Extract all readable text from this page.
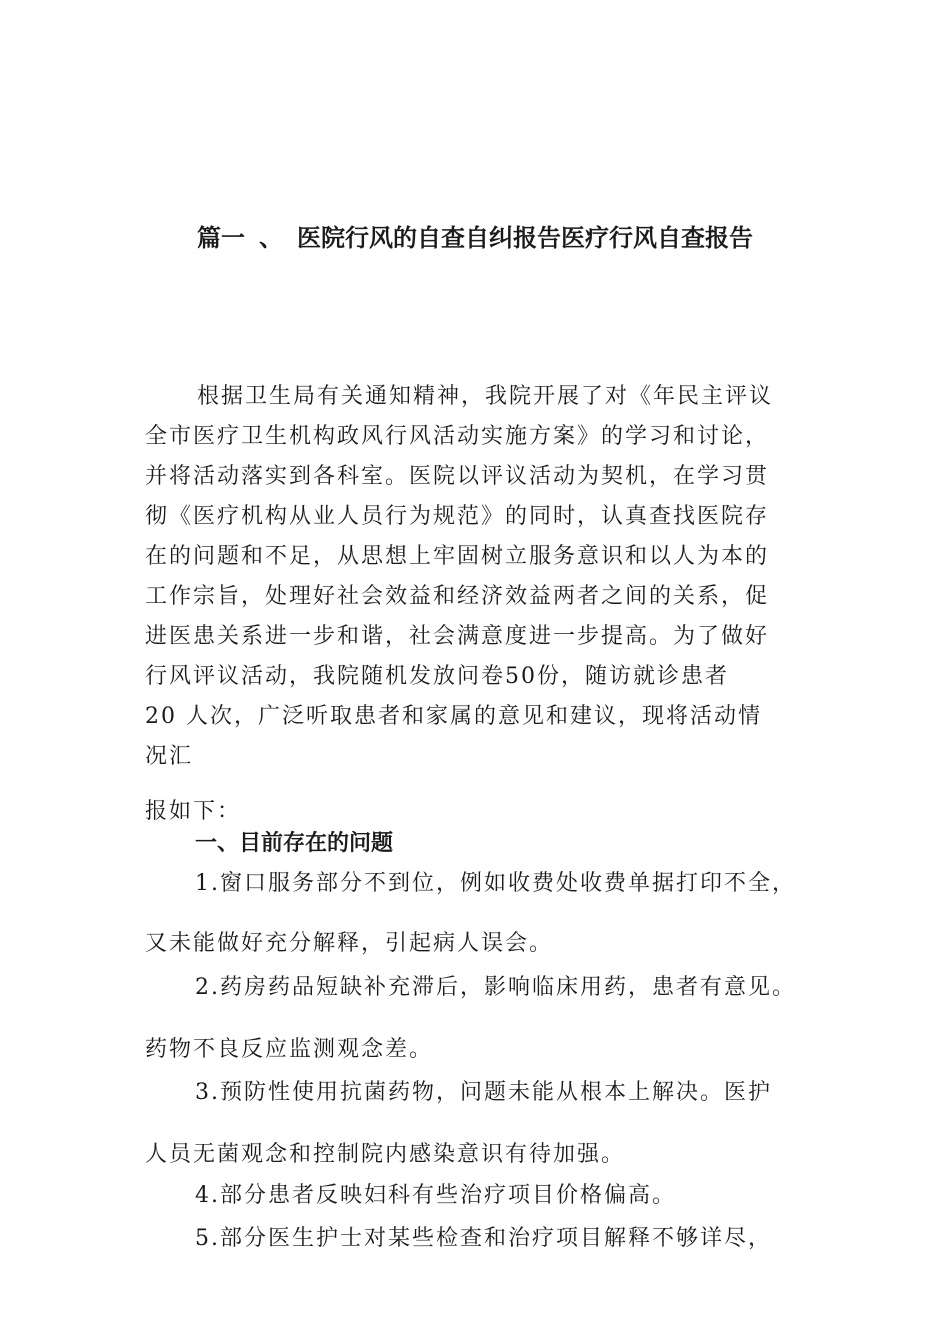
篇一 、 医院行风的自查自纠报告医疗行风自查报告
根据卫生局有关通知精神，我院开展了对《年民主评议
全市医疗卫生机构政风行风活动实施方案》的学习和讨论，
并将活动落实到各科室。医院以评议活动为契机，在学习贯
彻《医疗机构从业人员行为规范》的同时，认真查找医院存
在的问题和不足，从思想上牢固树立服务意识和以人为本的
工作宗旨，处理好社会效益和经济效益两者之间的关系，促
进医患关系进一步和谐，社会满意度进一步提高。为了做好
行风评议活动，我院随机发放问卷50份，随访就诊患者
20 人次，广泛听取患者和家属的意见和建议，现将活动情
况汇
报如下：
一、目前存在的问题
1.窗口服务部分不到位，例如收费处收费单据打印不全，
又未能做好充分解释，引起病人误会。
2.药房药品短缺补充滞后，影响临床用药，患者有意见。
药物不良反应监测观念差。
3.预防性使用抗菌药物，问题未能从根本上解决。医护
人员无菌观念和控制院内感染意识有待加强。
4.部分患者反映妇科有些治疗项目价格偏高。
5.部分医生护士对某些检查和治疗项目解释不够详尽，
